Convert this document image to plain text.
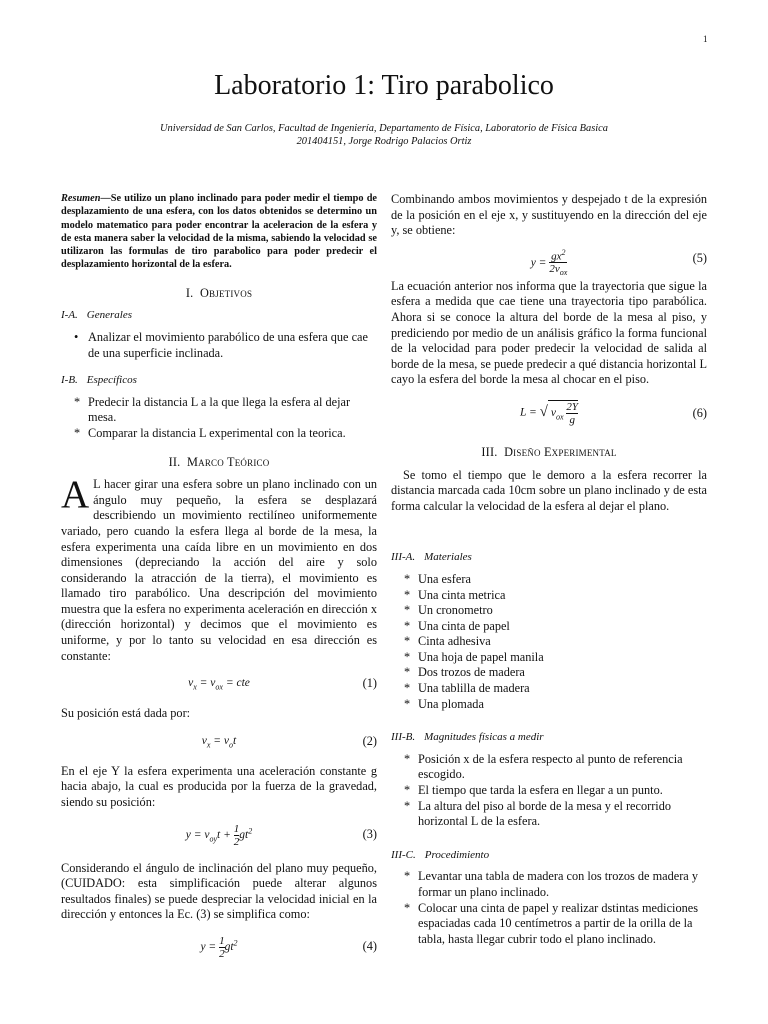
1
Laboratorio 1: Tiro parabolico
Universidad de San Carlos, Facultad de Ingeniería, Departamento de Física, Laboratorio de Física Basica
201404151, Jorge Rodrigo Palacios Ortiz
Resumen—Se utilizo un plano inclinado para poder medir el tiempo de desplazamiento de una esfera, con los datos obtenidos se determino un modelo matematico para poder encontrar la aceleracion de la esfera y de esta manera saber la velocidad de la misma, sabiendo la velocidad se utilizaron las formulas de tiro parabolico para poder predecir el desplazamiento horizontal de la esfera.
I. Objetivos
I-A. Generales
• Analizar el movimiento parabólico de una esfera que cae de una superficie inclinada.
I-B. Específicos
* Predecir la distancia L a la que llega la esfera al dejar mesa.
* Comparar la distancia L experimental con la teorica.
II. Marco Teórico

A L hacer girar una esfera sobre un plano inclinado con un ángulo muy pequeño, la esfera se desplazará describiendo un movimiento rectilíneo uniformemente variado, pero cuando la esfera llega al borde de la mesa, la esfera experimenta una caída libre en un movimiento en dos dimensiones (depreciando la acción del aire y solo considerando la atracción de la tierra), el movimiento es llamado tiro parabólico. Una descripción del movimiento muestra que la esfera no experimenta aceleración en dirección x (dirección horizontal) y decimos que el movimiento es uniforme, y por lo tanto su velocidad en esa dirección es constante:

$v_x = v_{ox}$ = cte	(1)

Su posición está dada por:

$v_x = v_ot$	(2)

En el eje Y la esfera experimenta una aceleración constante g hacia abajo, la cual es producida por la fuerza de la gravedad, siendo su posición:

$y = v_{oy}t + \frac{1}{2} gt^2$	(3)

Considerando el ángulo de inclinación del plano muy pequeño, (CUIDADO: esta simplificación puede alterar algunos resultados finales) se puede despreciar la velocidad inicial en la dirección y entonces la Ec. (3) se simplifica como:

$y = \frac{1}{2} gt^2$	(4)

Combinando ambos movimientos y despejado t de la expresión de la posición en el eje x, y sustituyendo en la dirección del eje y, se obtiene:

$y = \frac{gx^2}{2v_{ox}}$	(5)

La ecuación anterior nos informa que la trayectoria que sigue la esfera a medida que cae tiene una trayectoria tipo parabólica. Ahora si se conoce la altura del borde de la mesa al piso, y prediciendo por medio de un análisis gráfico la forma funcional de la velocidad para poder predecir la velocidad de salida al borde de la mesa, se puede predecir a qué distancia horizontal L cayo la esfera del borde la mesa al chocar en el piso.

L = √ $v_{ox} \frac{2Y}{g}$	(6)
III. Diseño Experimental

Se tomo el tiempo que le demoro a la esfera recorrer la distancia marcada cada 10cm sobre un plano inclinado y de esta forma calcular la velocidad de la esfera al dejar el plano.

III-A. Materiales
* Una esfera
* Una cinta metrica
* Un cronometro
* Una cinta de papel
* Cinta adhesiva
* Una hoja de papel manila
* Dos trozos de madera
* Una tablilla de madera
* Una plomada
III-B. Magnitudes físicas a medir
* Posición x de la esfera respecto al punto de referencia escogido.
* El tiempo que tarda la esfera en llegar a un punto.
* La altura del piso al borde de la mesa y el recorrido horizontal L de la esfera.
III-C. Procedimiento
* Levantar una tabla de madera con los trozos de madera y formar un plano inclinado.
* Colocar una cinta de papel y realizar dstintas mediciones espaciadas cada 10 centímetros a partir de la orilla de la tabla, hasta llegar cubrir todo el plano inclinado.
